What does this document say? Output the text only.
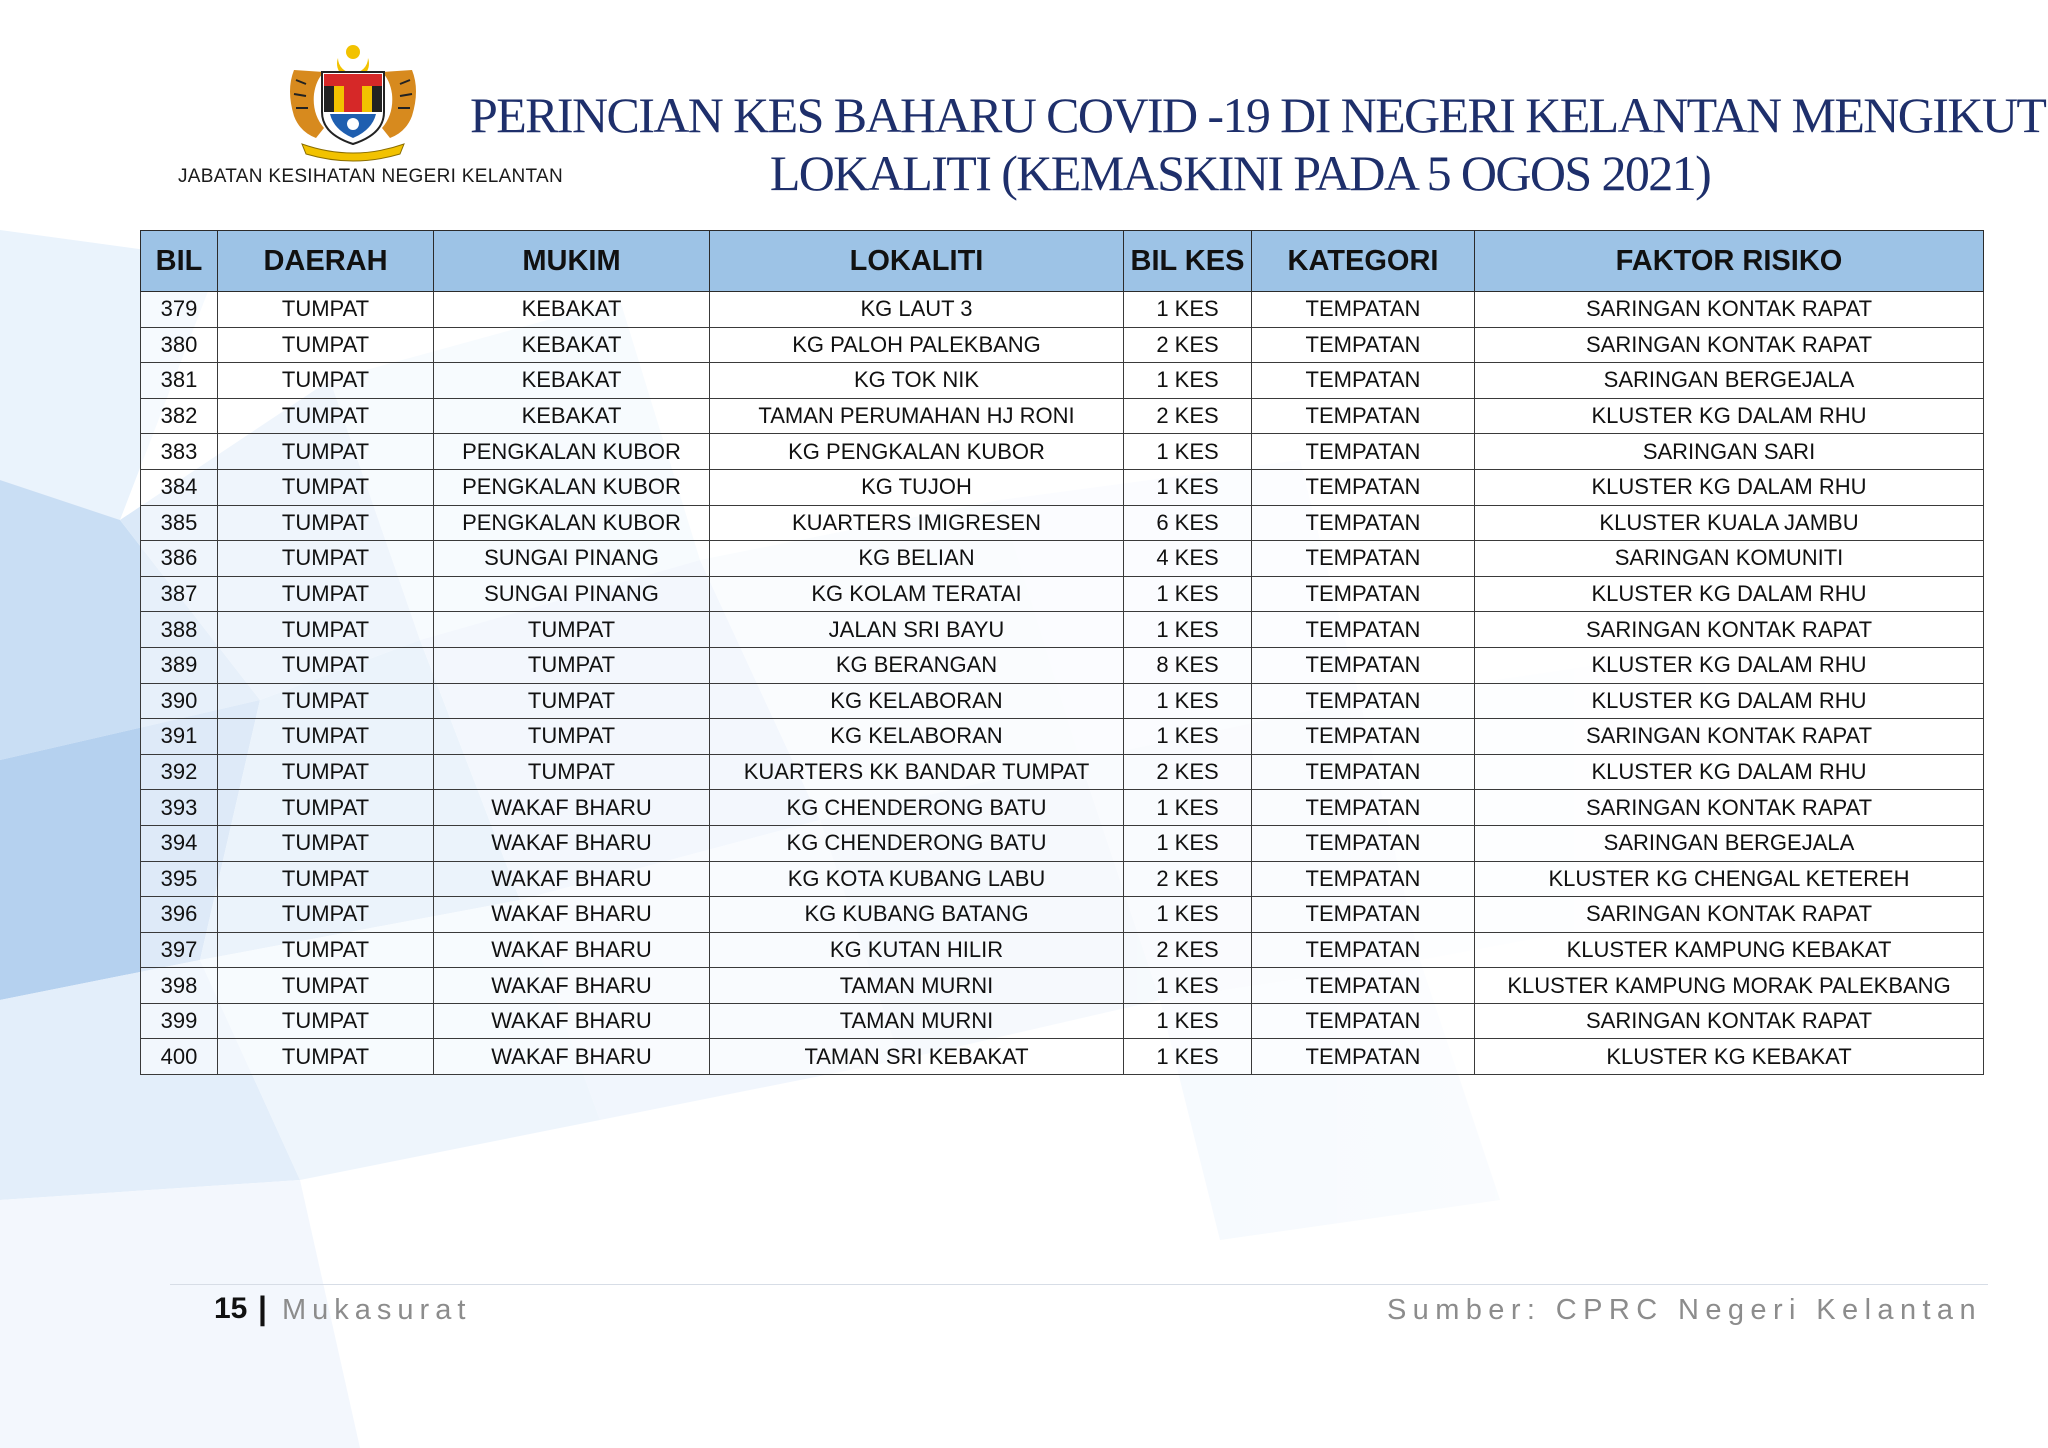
JABATAN KESIHATAN NEGERI KELANTAN
PERINCIAN KES BAHARU COVID -19 DI NEGERI KELANTAN MENGIKUT
LOKALITI (KEMASKINI PADA 5 OGOS 2021)
BIL	DAERAH	MUKIM	LOKALITI	BIL KES	KATEGORI	FAKTOR RISIKO
379	TUMPAT	KEBAKAT	KG LAUT 3	1 KES	TEMPATAN	SARINGAN KONTAK RAPAT
380	TUMPAT	KEBAKAT	KG PALOH PALEKBANG	2 KES	TEMPATAN	SARINGAN KONTAK RAPAT
381	TUMPAT	KEBAKAT	KG TOK NIK	1 KES	TEMPATAN	SARINGAN BERGEJALA
382	TUMPAT	KEBAKAT	TAMAN PERUMAHAN HJ RONI	2 KES	TEMPATAN	KLUSTER KG DALAM RHU
383	TUMPAT	PENGKALAN KUBOR	KG PENGKALAN KUBOR	1 KES	TEMPATAN	SARINGAN SARI
384	TUMPAT	PENGKALAN KUBOR	KG TUJOH	1 KES	TEMPATAN	KLUSTER KG DALAM RHU
385	TUMPAT	PENGKALAN KUBOR	KUARTERS IMIGRESEN	6 KES	TEMPATAN	KLUSTER KUALA JAMBU
386	TUMPAT	SUNGAI PINANG	KG BELIAN	4 KES	TEMPATAN	SARINGAN KOMUNITI
387	TUMPAT	SUNGAI PINANG	KG KOLAM TERATAI	1 KES	TEMPATAN	KLUSTER KG DALAM RHU
388	TUMPAT	TUMPAT	JALAN SRI BAYU	1 KES	TEMPATAN	SARINGAN KONTAK RAPAT
389	TUMPAT	TUMPAT	KG BERANGAN	8 KES	TEMPATAN	KLUSTER KG DALAM RHU
390	TUMPAT	TUMPAT	KG KELABORAN	1 KES	TEMPATAN	KLUSTER KG DALAM RHU
391	TUMPAT	TUMPAT	KG KELABORAN	1 KES	TEMPATAN	SARINGAN KONTAK RAPAT
392	TUMPAT	TUMPAT	KUARTERS KK BANDAR TUMPAT	2 KES	TEMPATAN	KLUSTER KG DALAM RHU
393	TUMPAT	WAKAF BHARU	KG CHENDERONG BATU	1 KES	TEMPATAN	SARINGAN KONTAK RAPAT
394	TUMPAT	WAKAF BHARU	KG CHENDERONG BATU	1 KES	TEMPATAN	SARINGAN BERGEJALA
395	TUMPAT	WAKAF BHARU	KG KOTA KUBANG LABU	2 KES	TEMPATAN	KLUSTER KG CHENGAL KETEREH
396	TUMPAT	WAKAF BHARU	KG KUBANG BATANG	1 KES	TEMPATAN	SARINGAN KONTAK RAPAT
397	TUMPAT	WAKAF BHARU	KG KUTAN HILIR	2 KES	TEMPATAN	KLUSTER KAMPUNG KEBAKAT
398	TUMPAT	WAKAF BHARU	TAMAN MURNI	1 KES	TEMPATAN	KLUSTER KAMPUNG MORAK PALEKBANG
399	TUMPAT	WAKAF BHARU	TAMAN MURNI	1 KES	TEMPATAN	SARINGAN KONTAK RAPAT
400	TUMPAT	WAKAF BHARU	TAMAN SRI KEBAKAT	1 KES	TEMPATAN	KLUSTER KG KEBAKAT
15 | Mukasurat	Sumber: CPRC Negeri Kelantan
